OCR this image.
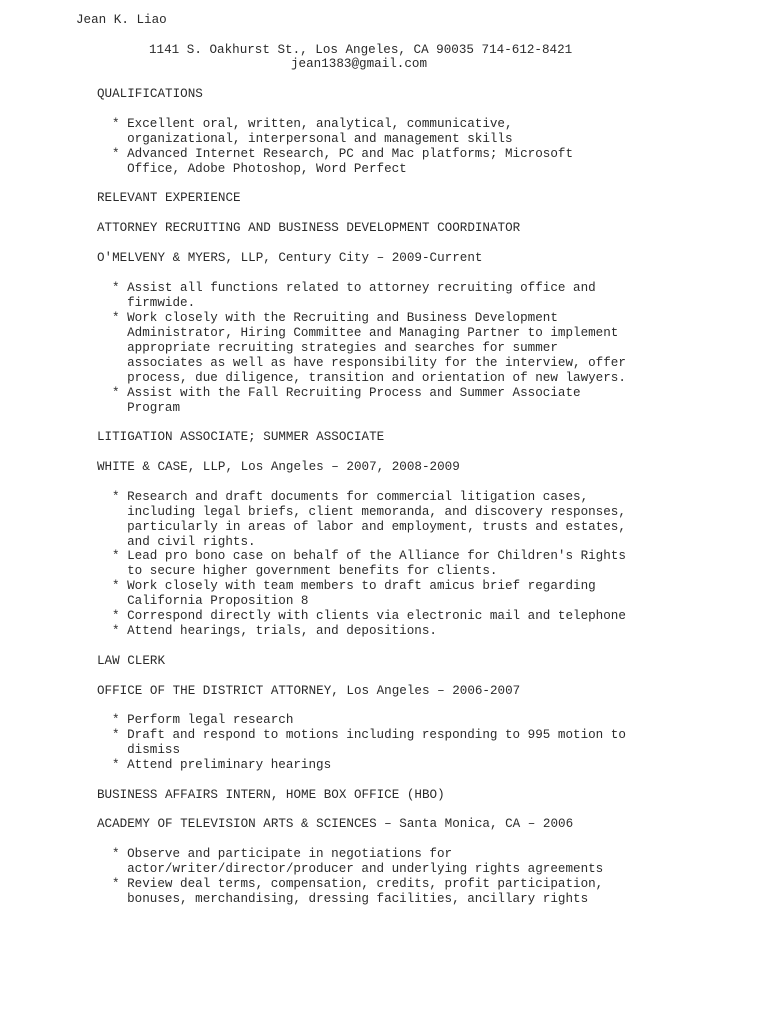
Jean K. Liao
1141 S. Oakhurst St., Los Angeles, CA 90035 714-612-8421
jean1383@gmail.com
QUALIFICATIONS
* Excellent oral, written, analytical, communicative,
organizational, interpersonal and management skills
* Advanced Internet Research, PC and Mac platforms; Microsoft
Office, Adobe Photoshop, Word Perfect
RELEVANT EXPERIENCE
ATTORNEY RECRUITING AND BUSINESS DEVELOPMENT COORDINATOR
O'MELVENY & MYERS, LLP, Century City – 2009-Current
* Assist all functions related to attorney recruiting office and
firmwide.
* Work closely with the Recruiting and Business Development
Administrator, Hiring Committee and Managing Partner to implement
appropriate recruiting strategies and searches for summer
associates as well as have responsibility for the interview, offer
process, due diligence, transition and orientation of new lawyers.
* Assist with the Fall Recruiting Process and Summer Associate
Program
LITIGATION ASSOCIATE; SUMMER ASSOCIATE
WHITE & CASE, LLP, Los Angeles – 2007, 2008-2009
* Research and draft documents for commercial litigation cases,
including legal briefs, client memoranda, and discovery responses,
particularly in areas of labor and employment, trusts and estates,
and civil rights.
* Lead pro bono case on behalf of the Alliance for Children's Rights
to secure higher government benefits for clients.
* Work closely with team members to draft amicus brief regarding
California Proposition 8
* Correspond directly with clients via electronic mail and telephone
* Attend hearings, trials, and depositions.
LAW CLERK
OFFICE OF THE DISTRICT ATTORNEY, Los Angeles – 2006-2007
* Perform legal research
* Draft and respond to motions including responding to 995 motion to
dismiss
* Attend preliminary hearings
BUSINESS AFFAIRS INTERN, HOME BOX OFFICE (HBO)
ACADEMY OF TELEVISION ARTS & SCIENCES – Santa Monica, CA – 2006
* Observe and participate in negotiations for
actor/writer/director/producer and underlying rights agreements
* Review deal terms, compensation, credits, profit participation,
bonuses, merchandising, dressing facilities, ancillary rights
